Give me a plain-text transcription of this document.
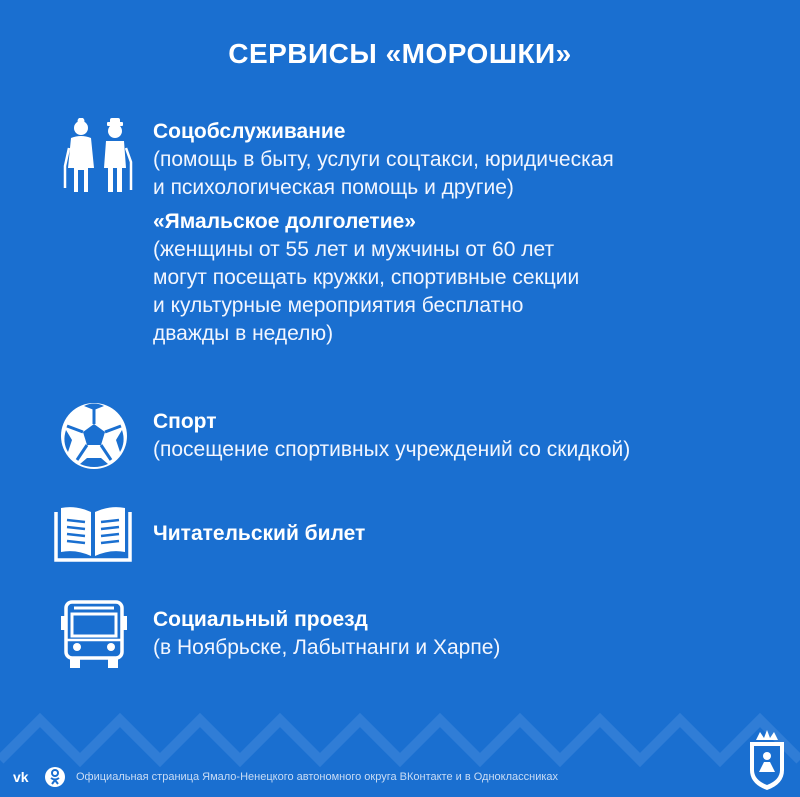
СЕРВИСЫ «МОРОШКИ»
Соцобслуживание
(помощь в быту, услуги соцтакси, юридическая
и психологическая помощь и другие)
«Ямальское долголетие»
(женщины от 55 лет и мужчины от 60 лет
могут посещать кружки, спортивные секции
и культурные мероприятия бесплатно
дважды в неделю)
Спорт
(посещение спортивных учреждений со скидкой)
Читательский билет
Социальный проезд
(в Ноябрьске, Лабытнанги и Харпе)
vk	Официальная страница Ямало-Ненецкого автономного округа ВКонтакте и в Одноклассниках
